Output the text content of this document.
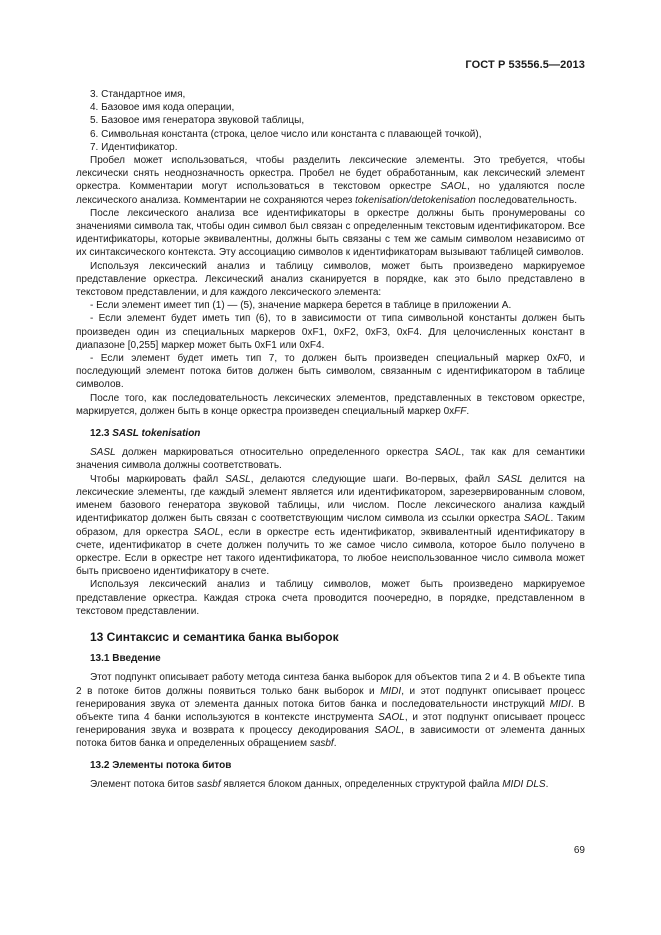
ГОСТ Р 53556.5—2013

3. Стандартное имя,

4. Базовое имя кода операции,

5. Базовое имя генератора звуковой таблицы,

6. Символьная константа (строка, целое число или константа с плавающей точкой),

7. Идентификатор.

Пробел может использоваться, чтобы разделить лексические элементы. Это требуется, чтобы лексически снять неоднозначность оркестра. Пробел не будет обработанным, как лексический элемент оркестра. Комментарии могут использоваться в текстовом оркестре SAOL, но удаляются после лексического анализа. Комментарии не сохраняются через tokenisation/detokenisation последовательность.

После лексического анализа все идентификаторы в оркестре должны быть пронумерованы со значениями символа так, чтобы один символ был связан с определенным текстовым идентификатором. Все идентификаторы, которые эквивалентны, должны быть связаны с тем же самым символом независимо от их синтаксического контекста. Эту ассоциацию символов к идентификаторам вызывают таблицей символов.

Используя лексический анализ и таблицу символов, может быть произведено маркируемое представление оркестра. Лексический анализ сканируется в порядке, как это было представлено в текстовом представлении, и для каждого лексического элемента:

- Если элемент имеет тип (1) — (5), значение маркера берется в таблице в приложении А.

- Если элемент будет иметь тип (6), то в зависимости от типа символьной константы должен быть произведен один из специальных маркеров 0xF1, 0xF2, 0xF3, 0xF4. Для целочисленных констант в диапазоне [0,255] маркер может быть 0xF1 или 0xF4.

- Если элемент будет иметь тип 7, то должен быть произведен специальный маркер 0xF0, и последующий элемент потока битов должен быть символом, связанным с идентификатором в таблице символов.

После того, как последовательность лексических элементов, представленных в текстовом оркестре, маркируется, должен быть в конце оркестра произведен специальный маркер 0xFF.

12.3 SASL tokenisation

SASL должен маркироваться относительно определенного оркестра SAOL, так как для семантики значения символа должны соответствовать.

Чтобы маркировать файл SASL, делаются следующие шаги. Во-первых, файл SASL делится на лексические элементы, где каждый элемент является или идентификатором, зарезервированным словом, именем базового генератора звуковой таблицы, или числом. После лексического анализа каждый идентификатор должен быть связан с соответствующим числом символа из ссылки оркестра SAOL. Таким образом, для оркестра SAOL, если в оркестре есть идентификатор, эквивалентный идентификатору в счете, идентификатор в счете должен получить то же самое число символа, которое было получено в оркестре. Если в оркестре нет такого идентификатора, то любое неиспользованное число символа может быть присвоено идентификатору в счете.

Используя лексический анализ и таблицу символов, может быть произведено маркируемое представление оркестра. Каждая строка счета проводится поочередно, в порядке, представленном в текстовом представлении.

13 Синтаксис и семантика банка выборок

13.1 Введение

Этот подпункт описывает работу метода синтеза банка выборок для объектов типа 2 и 4. В объекте типа 2 в потоке битов должны появиться только банк выборок и MIDI, и этот подпункт описывает процесс генерирования звука от элемента данных потока битов банка и последовательности инструкций MIDI. В объекте типа 4 банки используются в контексте инструмента SAOL, и этот подпункт описывает процесс генерирования звука и возврата к процессу декодирования SAOL, в зависимости от элемента данных потока битов банка и определенных обращением sasbf.

13.2 Элементы потока битов

Элемент потока битов sasbf является блоком данных, определенных структурой файла MIDI DLS.

69
